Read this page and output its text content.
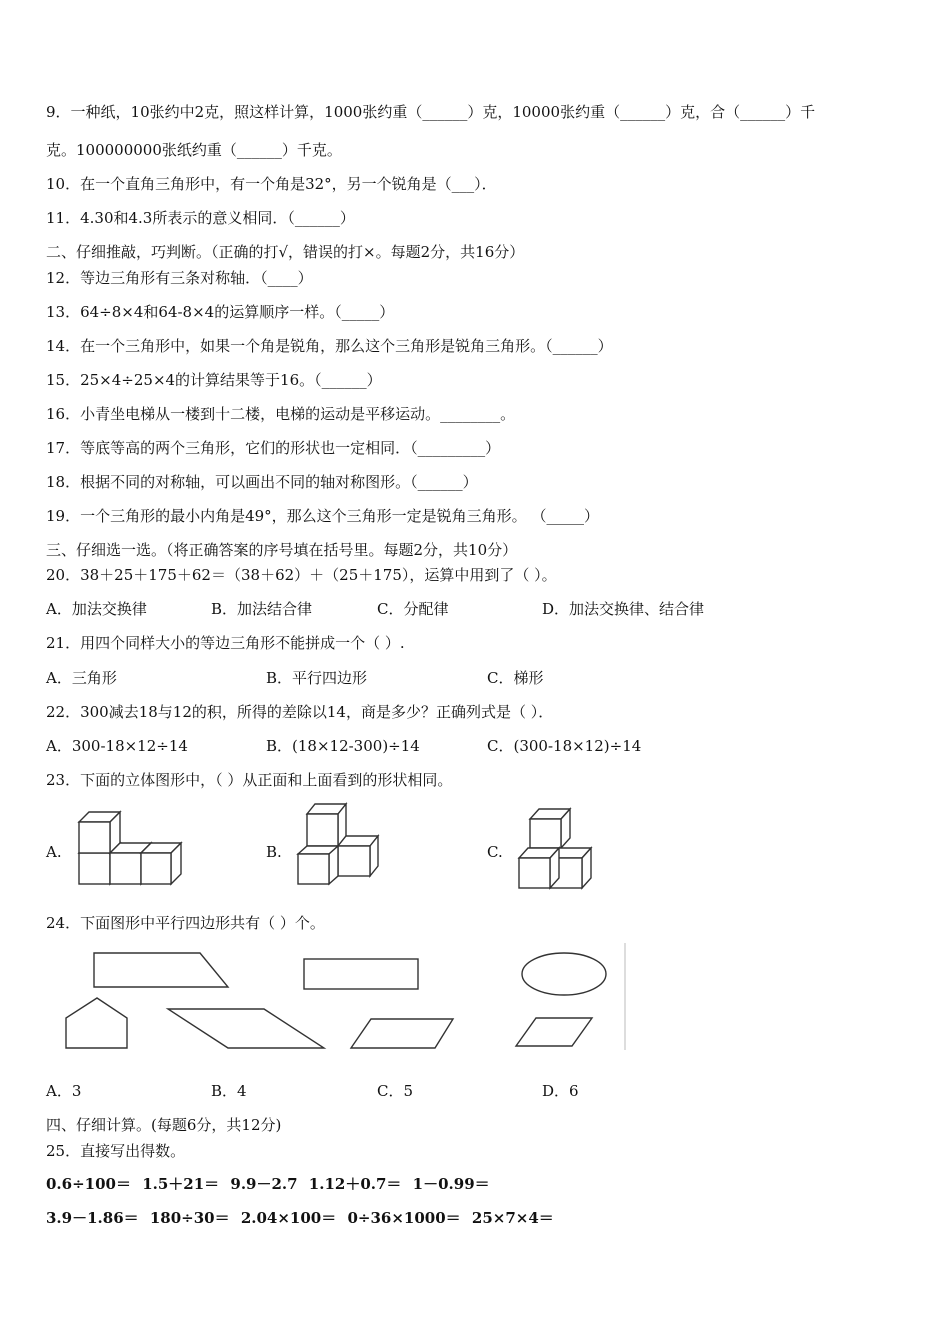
9．一种纸，10张约中2克，照这样计算，1000张约重（______）克，10000张约重（______）克，合（______）千
克。100000000张纸约重（______）千克。
10．在一个直角三角形中，有一个角是32°，另一个锐角是（___）．
11．4.30和4.3所表示的意义相同．（______）
二、仔细推敲，巧判断。（正确的打√，错误的打×。每题2分，共16分）
12．等边三角形有三条对称轴．（____）
13．64÷8×4和64-8×4的运算顺序一样。（_____）
14．在一个三角形中，如果一个角是锐角，那么这个三角形是锐角三角形。（______）
15．25×4÷25×4的计算结果等于16。（______）
16．小青坐电梯从一楼到十二楼，电梯的运动是平移运动。________。
17．等底等高的两个三角形，它们的形状也一定相同．（_________）
18．根据不同的对称轴，可以画出不同的轴对称图形。（______）
19．一个三角形的最小内角是49°，那么这个三角形一定是锐角三角形。 （_____）
三、仔细选一选。（将正确答案的序号填在括号里。每题2分，共10分）
20．38＋25＋175＋62＝（38＋62）＋（25＋175），运算中用到了（ ）。
A．加法交换律	B．加法结合律	C．分配律	D．加法交换律、结合律
21．用四个同样大小的等边三角形不能拼成一个（ ）.
A．三角形	B．平行四边形	C．梯形
22．300减去18与12的积，所得的差除以14，商是多少？正确列式是（ ）．
A．300-18×12÷14	B．(18×12-300)÷14	C．(300-18×12)÷14
23．下面的立体图形中，（ ）从正面和上面看到的形状相同。
A.	B.	C.
24．下面图形中平行四边形共有（ ）个。
A．3	B．4	C．5	D．6
四、仔细计算。(每题6分，共12分)
25．直接写出得数。
0.6÷100＝ 1.5＋21＝ 9.9－2.7 1.12＋0.7＝ 1－0.99＝
3.9－1.86＝ 180÷30＝ 2.04×100＝ 0÷36×1000＝ 25×7×4＝
